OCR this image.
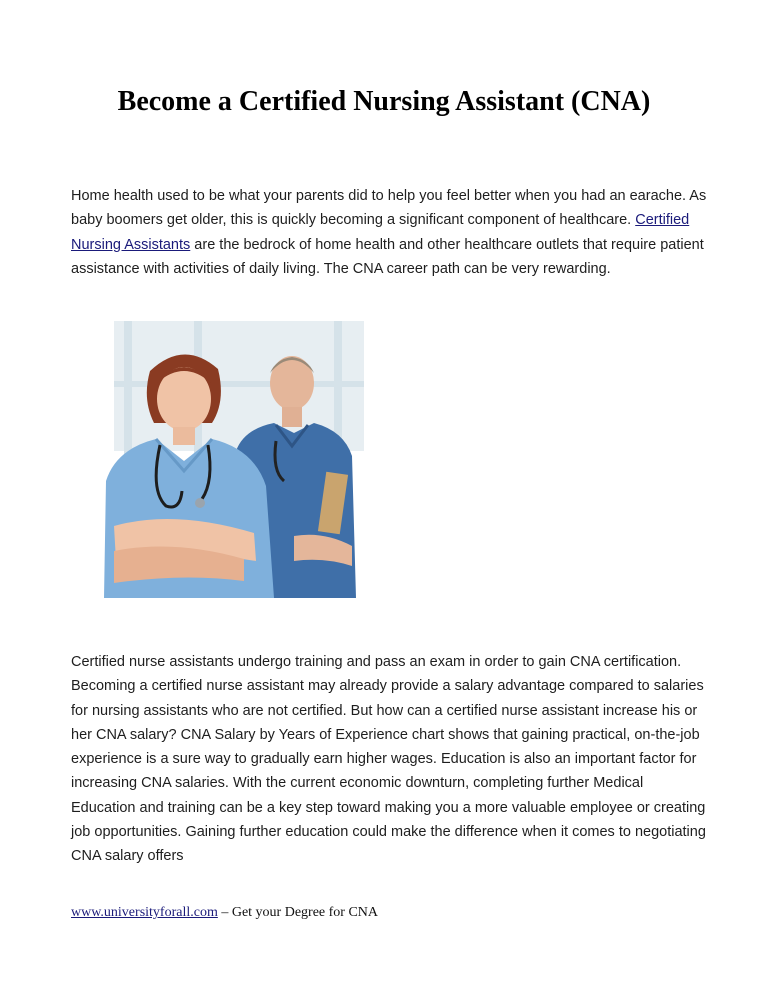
Become a Certified Nursing Assistant (CNA)

Home health used to be what your parents did to help you feel better when you had an earache. As baby boomers get older, this is quickly becoming a significant component of healthcare. Certified Nursing Assistants are the bedrock of home health and other healthcare outlets that require patient assistance with activities of daily living. The CNA career path can be very rewarding.

Certified nurse assistants undergo training and pass an exam in order to gain CNA certification. Becoming a certified nurse assistant may already provide a salary advantage compared to salaries for nursing assistants who are not certified. But how can a certified nurse assistant increase his or her CNA salary? CNA Salary by Years of Experience chart shows that gaining practical, on-the-job experience is a sure way to gradually earn higher wages. Education is also an important factor for increasing CNA salaries. With the current economic downturn, completing further Medical Education and training can be a key step toward making you a more valuable employee or creating job opportunities. Gaining further education could make the difference when it comes to negotiating CNA salary offers

www.universityforall.com – Get your Degree for CNA
